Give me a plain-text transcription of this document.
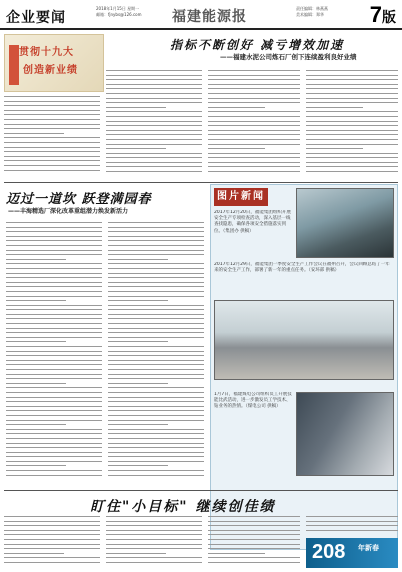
企业要闻
2018年1月15日 星期一
邮箱：fjnybs@126.com 福建能源报
责任编辑：林燕燕
美术编辑：郑华 7版
贯彻十九大
创造新业绩
指标不断创好 减亏增效加速
——福建水泥公司炼石厂创下连续盈利良好业绩
迈过一道坎 跃登满园春
——丰海精选厂深化改革重组潜力焕发新活力
图片新闻
2017年12月20日，福能集团组织开展安全生产专项检查活动，深入基层一线查找隐患，确保各项安全措施落实到位。（集团办 供稿）
2017年12月29日，福能集团一季度安全生产工作会议在福州召开，会议回顾总结了一年来的安全生产工作，部署了新一年的重点任务。（安环部 供稿）
1月7日，福建煤电公司组织员工开展技能比武活动，进一步激发员工学技术、钻业务的热情。（煤电公司 供稿）
盯住"小目标" 继续创佳绩
208 年新春
